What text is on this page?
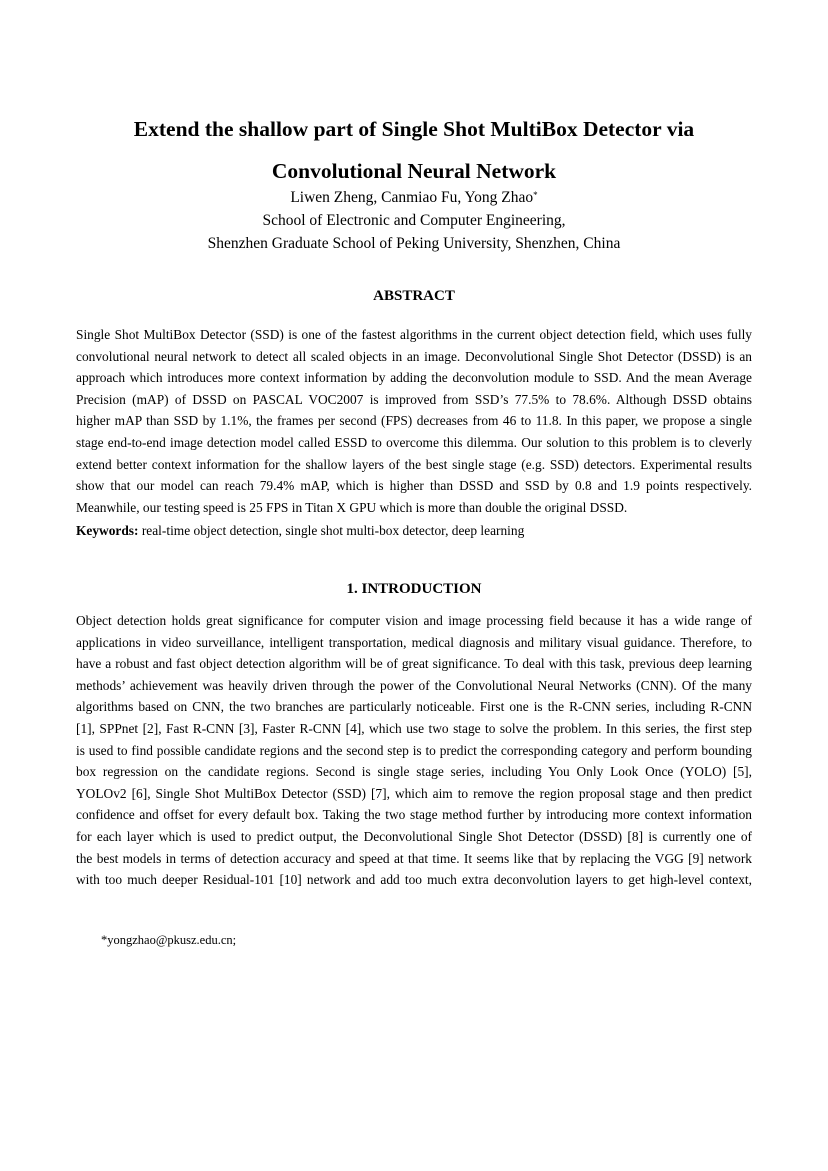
Extend the shallow part of Single Shot MultiBox Detector via
Convolutional Neural Network
Liwen Zheng, Canmiao Fu, Yong Zhao*
School of Electronic and Computer Engineering,
Shenzhen Graduate School of Peking University, Shenzhen, China
ABSTRACT
Single Shot MultiBox Detector (SSD) is one of the fastest algorithms in the current object detection field, which uses fully
convolutional neural network to detect all scaled objects in an image. Deconvolutional Single Shot Detector (DSSD) is an
approach which introduces more context information by adding the deconvolution module to SSD. And the mean Average
Precision (mAP) of DSSD on PASCAL VOC2007 is improved from SSD’s 77.5% to 78.6%. Although DSSD obtains
higher mAP than SSD by 1.1%, the frames per second (FPS) decreases from 46 to 11.8. In this paper, we propose a single
stage end-to-end image detection model called ESSD to overcome this dilemma. Our solution to this problem is to cleverly
extend better context information for the shallow layers of the best single stage (e.g. SSD) detectors. Experimental results
show that our model can reach 79.4% mAP, which is higher than DSSD and SSD by 0.8 and 1.9 points respectively.
Meanwhile, our testing speed is 25 FPS in Titan X GPU which is more than double the original DSSD.
Keywords: real-time object detection, single shot multi-box detector, deep learning
1. INTRODUCTION
Object detection holds great significance for computer vision and image processing field because it has a wide range of
applications in video surveillance, intelligent transportation, medical diagnosis and military visual guidance. Therefore, to
have a robust and fast object detection algorithm will be of great significance. To deal with this task, previous deep learning
methods’ achievement was heavily driven through the power of the Convolutional Neural Networks (CNN). Of the many
algorithms based on CNN, the two branches are particularly noticeable. First one is the R-CNN series, including R-CNN
[1], SPPnet [2], Fast R-CNN [3], Faster R-CNN [4], which use two stage to solve the problem. In this series, the first step
is used to find possible candidate regions and the second step is to predict the corresponding category and perform bounding
box regression on the candidate regions. Second is single stage series, including You Only Look Once (YOLO) [5],
YOLOv2 [6], Single Shot MultiBox Detector (SSD) [7], which aim to remove the region proposal stage and then predict
confidence and offset for every default box. Taking the two stage method further by introducing more context information
for each layer which is used to predict output, the Deconvolutional Single Shot Detector (DSSD) [8] is currently one of
the best models in terms of detection accuracy and speed at that time. It seems like that by replacing the VGG [9] network
with too much deeper Residual-101 [10] network and add too much extra deconvolution layers to get high-level context,
*yongzhao@pkusz.edu.cn;
